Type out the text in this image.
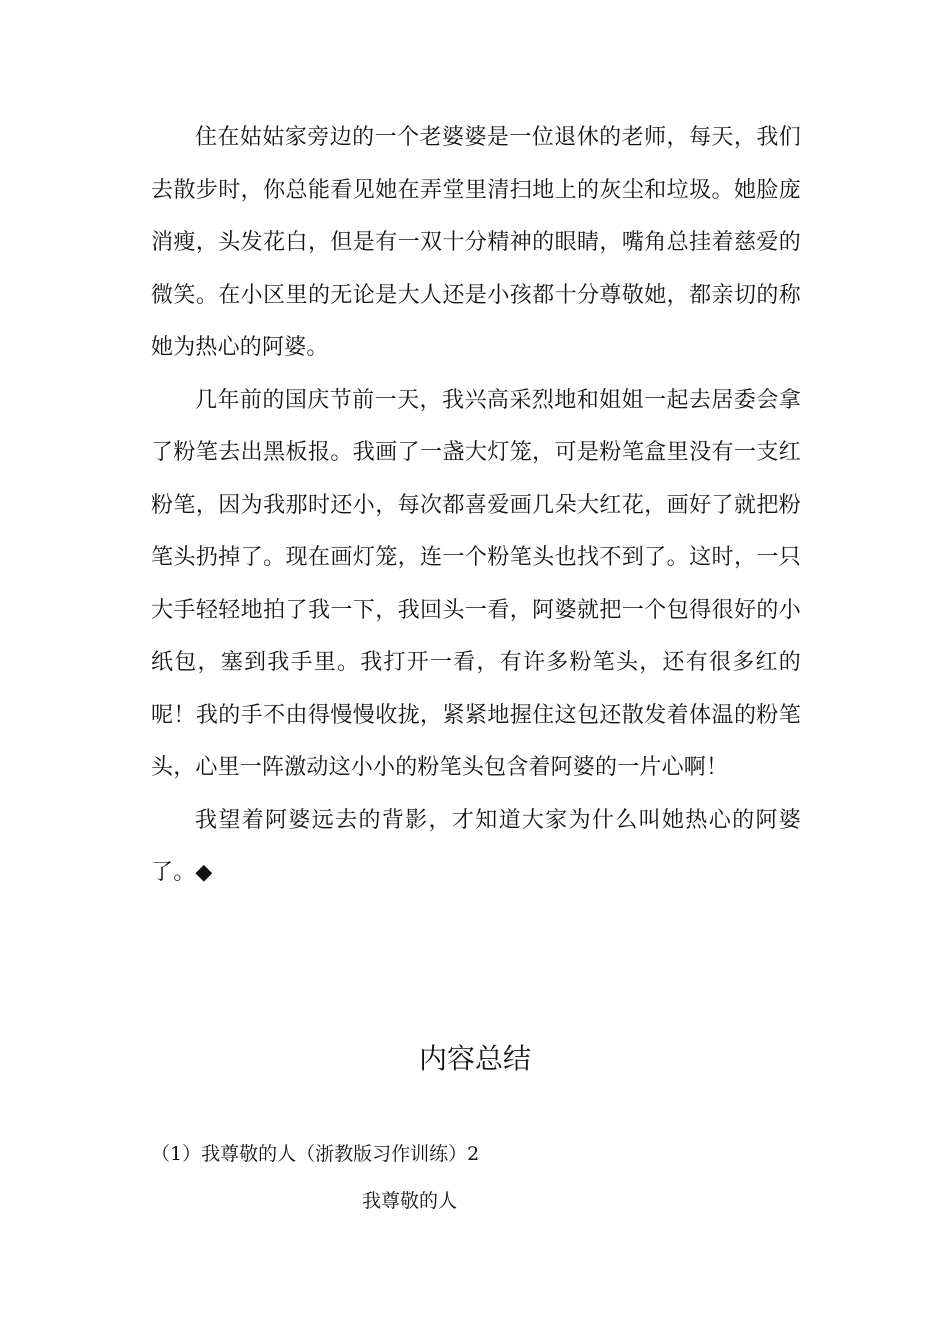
住在姑姑家旁边的一个老婆婆是一位退休的老师，每天，我们去散步时，你总能看见她在弄堂里清扫地上的灰尘和垃圾。她脸庞消瘦，头发花白，但是有一双十分精神的眼睛，嘴角总挂着慈爱的微笑。在小区里的无论是大人还是小孩都十分尊敬她，都亲切的称她为热心的阿婆。

几年前的国庆节前一天，我兴高采烈地和姐姐一起去居委会拿了粉笔去出黑板报。我画了一盏大灯笼，可是粉笔盒里没有一支红粉笔，因为我那时还小，每次都喜爱画几朵大红花，画好了就把粉笔头扔掉了。现在画灯笼，连一个粉笔头也找不到了。这时，一只大手轻轻地拍了我一下，我回头一看，阿婆就把一个包得很好的小纸包，塞到我手里。我打开一看，有许多粉笔头，还有很多红的呢！我的手不由得慢慢收拢，紧紧地握住这包还散发着体温的粉笔头，心里一阵激动这小小的粉笔头包含着阿婆的一片心啊！

我望着阿婆远去的背影，才知道大家为什么叫她热心的阿婆了。◆

内容总结

（1）我尊敬的人（浙教版习作训练）2

我尊敬的人
